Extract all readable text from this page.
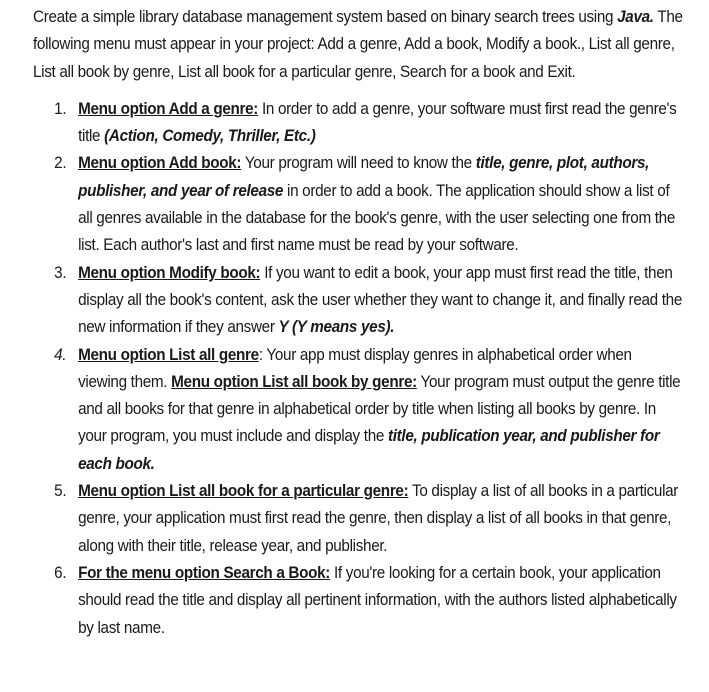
Create a simple library database management system based on binary search trees using Java. The following menu must appear in your project: Add a genre, Add a book, Modify a book., List all genre, List all book by genre, List all book for a particular genre, Search for a book and Exit.

1. Menu option Add a genre: In order to add a genre, your software must first read the genre's title (Action, Comedy, Thriller, Etc.)
2. Menu option Add book: Your program will need to know the title, genre, plot, authors, publisher, and year of release in order to add a book. The application should show a list of all genres available in the database for the book's genre, with the user selecting one from the list. Each author's last and first name must be read by your software.
3. Menu option Modify book: If you want to edit a book, your app must first read the title, then display all the book's content, ask the user whether they want to change it, and finally read the new information if they answer Y (Y means yes).
4. Menu option List all genre: Your app must display genres in alphabetical order when viewing them. Menu option List all book by genre: Your program must output the genre title and all books for that genre in alphabetical order by title when listing all books by genre. In your program, you must include and display the title, publication year, and publisher for each book.
5. Menu option List all book for a particular genre: To display a list of all books in a particular genre, your application must first read the genre, then display a list of all books in that genre, along with their title, release year, and publisher.
6. For the menu option Search a Book: If you're looking for a certain book, your application should read the title and display all pertinent information, with the authors listed alphabetically by last name.
